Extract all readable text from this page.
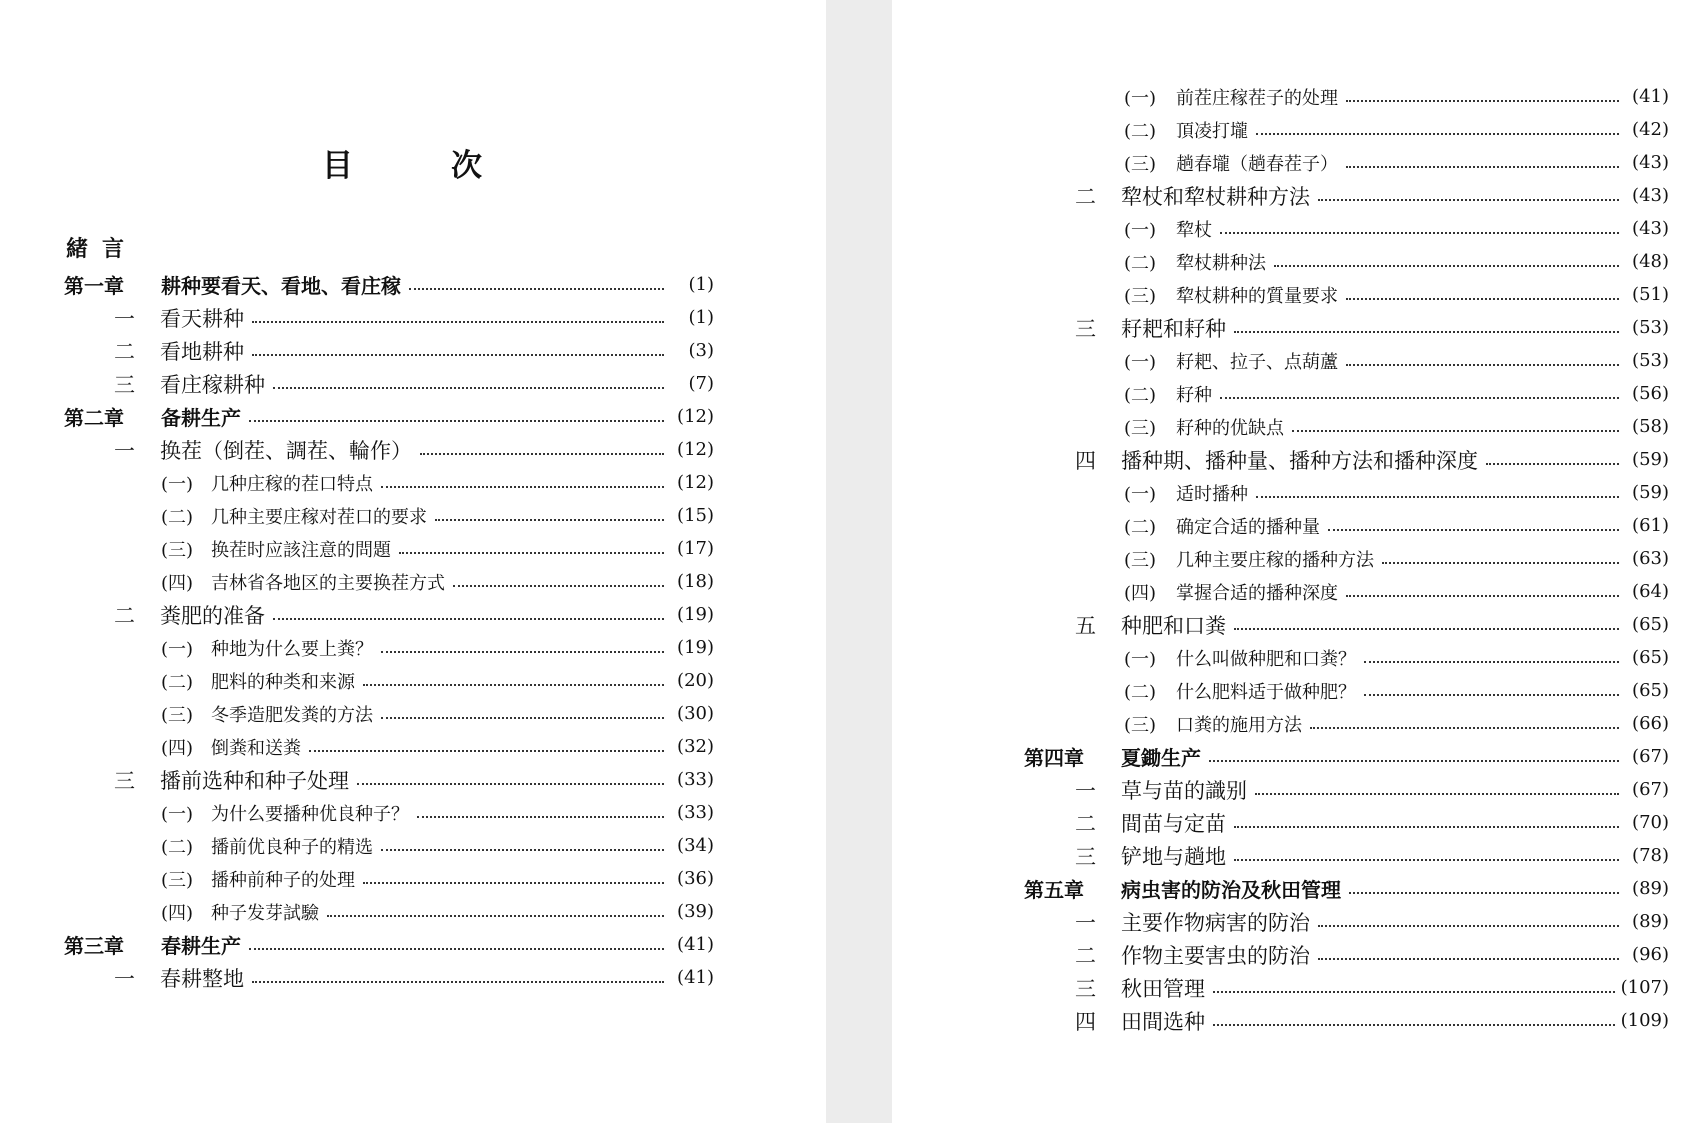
目	次
緒言
第一章	耕种要看天、看地、看庄稼	(1)
一	看天耕种	(1)
二	看地耕种	(3)
三	看庄稼耕种	(7)
第二章	备耕生产	(12)
一	换茬（倒茬、調茬、輪作）	(12)
(一) 几种庄稼的茬口特点	(12)
(二) 几种主要庄稼对茬口的要求	(15)
(三) 换茬时应該注意的問題	(17)
(四) 吉林省各地区的主要换茬方式	(18)
二	粪肥的准备	(19)
(一) 种地为什么要上粪？	(19)
(二) 肥料的种类和来源	(20)
(三) 冬季造肥发粪的方法	(30)
(四) 倒粪和送粪	(32)
三	播前选种和种子处理	(33)
(一) 为什么要播种优良种子？	(33)
(二) 播前优良种子的精选	(34)
(三) 播种前种子的处理	(36)
(四) 种子发芽試驗	(39)
第三章	春耕生产	(41)
一	春耕整地	(41)
(一)	前茬庄稼茬子的处理	(41)
(二)	頂凌打壠	(42)
(三)	趟春壠（趟春茬子）	(43)
二	犂杖和犂杖耕种方法	(43)
(一)	犂杖	(43)
(二)	犂杖耕种法	(48)
(三)	犂杖耕种的質量要求	(51)
三	耔耙和耔种	(53)
(一)	耔耙、拉子、点葫蘆	(53)
(二)	耔种	(56)
(三)	耔种的优缺点	(58)
四	播种期、播种量、播种方法和播种深度	(59)
(一)	适时播种	(59)
(二)	确定合适的播种量	(61)
(三)	几种主要庄稼的播种方法	(63)
(四)	掌握合适的播种深度	(64)
五	种肥和口粪	(65)
(一)	什么叫做种肥和口粪？	(65)
(二)	什么肥料适于做种肥？	(65)
(三)	口粪的施用方法	(66)
第四章	夏鋤生产	(67)
一	草与苗的識别	(67)
二	間苗与定苗	(70)
三	铲地与趟地	(78)
第五章	病虫害的防治及秋田管理	(89)
一	主要作物病害的防治	(89)
二	作物主要害虫的防治	(96)
三	秋田管理	(107)
四	田間选种	(109)
